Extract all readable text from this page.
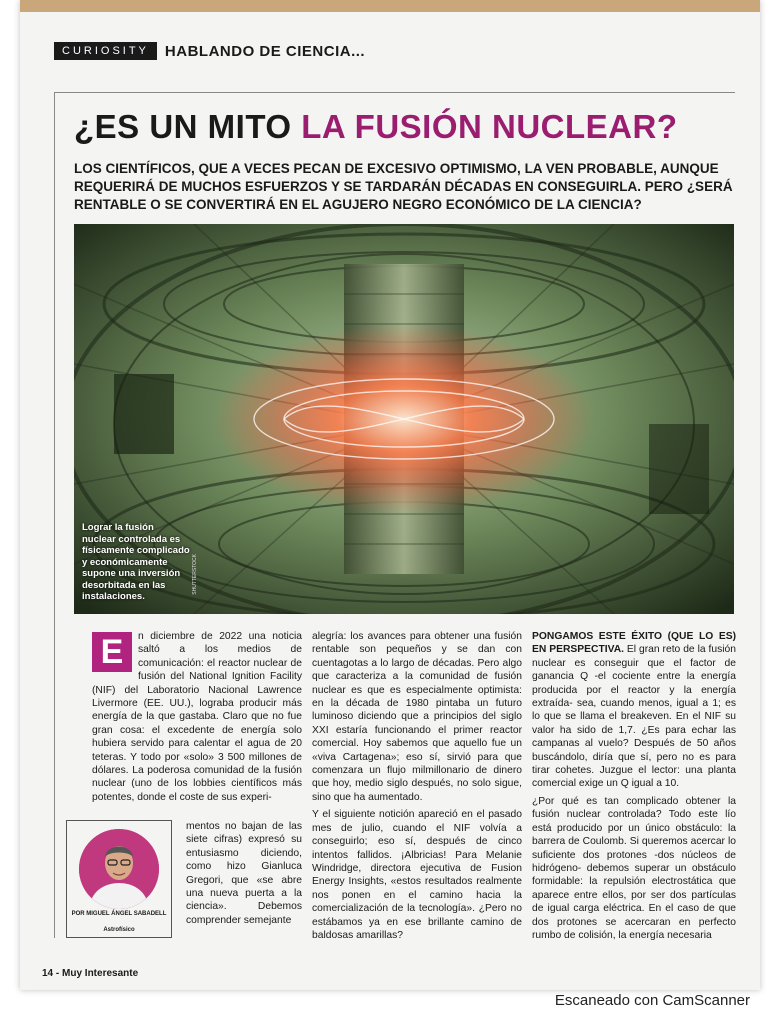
CURIOSITY	HABLANDO DE CIENCIA...
¿ES UN MITO LA FUSIÓN NUCLEAR?
LOS CIENTÍFICOS, QUE A VECES PECAN DE EXCESIVO OPTIMISMO, LA VEN PROBABLE, AUNQUE REQUERIRÁ DE MUCHOS ESFUERZOS Y SE TARDARÁN DÉCADAS EN CONSEGUIRLA. PERO ¿SERÁ RENTABLE O SE CONVERTIRÁ EN EL AGUJERO NEGRO ECONÓMICO DE LA CIENCIA?
Lograr la fusión nuclear controlada es físicamente complicado y económicamente supone una inversión desorbitada en las instalaciones.
SHUTTERSTOCK
E	n diciembre de 2022 una noticia saltó a los medios de comunicación: el reactor nuclear de fusión del National Ignition Facility (NIF) del Laboratorio Nacional Lawrence Livermore (EE. UU.), lograba producir más energía de la que gastaba. Claro que no fue gran cosa: el excedente de energía solo hubiera servido para calentar el agua de 20 teteras. Y todo por «solo» 3 500 millones de dólares. La poderosa comunidad de la fusión nuclear (uno de los lobbies científicos más potentes, donde el coste de sus experi-

POR MIGUEL ÁNGEL SABADELL
Astrofísico
mentos no bajan de las siete cifras) expresó su entusiasmo diciendo, como hizo Gianluca Gregori, que «se abre una nueva puerta a la ciencia». Debemos comprender semejante

alegría: los avances para obtener una fusión rentable son pequeños y se dan con cuentagotas a lo largo de décadas. Pero algo que caracteriza a la comunidad de fusión nuclear es que es especialmente optimista: en la década de 1980 pintaba un futuro luminoso diciendo que a principios del siglo XXI estaría funcionando el primer reactor comercial. Hoy sabemos que aquello fue un «viva Cartagena»; eso sí, sirvió para que comenzara un flujo milmillonario de dinero que hoy, medio siglo después, no solo sigue, sino que ha aumentado.

Y el siguiente notición apareció en el pasado mes de julio, cuando el NIF volvía a conseguirlo; eso sí, después de cinco intentos fallidos. ¡Albricias! Para Melanie Windridge, directora ejecutiva de Fusion Energy Insights, «estos resultados realmente nos ponen en el camino hacia la comercialización de la tecnología». ¿Pero no estábamos ya en ese brillante camino de baldosas amarillas?

PONGAMOS ESTE ÉXITO (QUE LO ES) EN PERSPECTIVA. El gran reto de la fusión nuclear es conseguir que el factor de ganancia Q -el cociente entre la energía producida por el reactor y la energía extraída- sea, cuando menos, igual a 1; es lo que se llama el breakeven. En el NIF su valor ha sido de 1,7. ¿Es para echar las campanas al vuelo? Después de 50 años buscándolo, diría que sí, pero no es para tirar cohetes. Juzgue el lector: una planta comercial exige un Q igual a 10.

¿Por qué es tan complicado obtener la fusión nuclear controlada? Todo este lío está producido por un único obstáculo: la barrera de Coulomb. Si queremos acercar lo suficiente dos protones -dos núcleos de hidrógeno- debemos superar un obstáculo formidable: la repulsión electrostática que aparece entre ellos, por ser dos partículas de igual carga eléctrica. En el caso de que dos protones se acercaran en perfecto rumbo de colisión, la energía necesaria

14 - Muy Interesante
Escaneado con CamScanner
